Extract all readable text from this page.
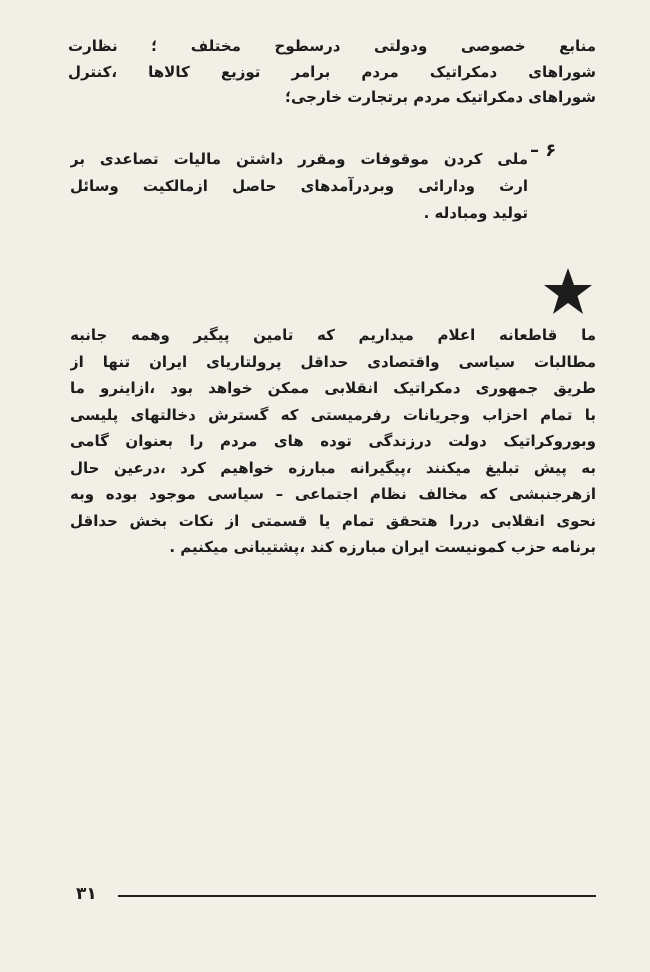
منابع خصوصی ودولتی درسطوح مختلف ؛ نظارت
شوراهای دمکراتیک مردم برامر توزیع کالاها ،کنترل
شوراهای دمکراتیک مردم برتجارت خارجی؛
۶ –
ملی کردن موقوفات ومقرر داشتن مالیات تصاعدی بر
ارث ودارائی وبردرآمدهای حاصل ازمالکیت وسائل
تولید ومبادله .
ما قاطعانه اعلام میداریم که تامین پیگیر وهمه جانبه
مطالبات سیاسی واقتصادی حداقل پرولتاریای ایران تنها از
طریق جمهوری دمکراتیک انقلابی ممکن خواهد بود ،ازاینرو ما
با تمام احزاب وجریانات رفرمیستی که گسترش دخالتهای پلیسی
وبوروکراتیک دولت درزندگی توده های مردم را بعنوان گامی
به پیش تبلیغ میکنند ،پیگیرانه مبارزه خواهیم کرد ،درعین حال
ازهرجنبشی که مخالف نظام اجتماعی – سیاسی موجود بوده وبه
نحوی انقلابی دررا هتحقق تمام یا قسمتی از نکات بخش حداقل
برنامه حزب کمونیست ایران مبارزه کند ،پشتیبانی میکنیم .
۳۱
